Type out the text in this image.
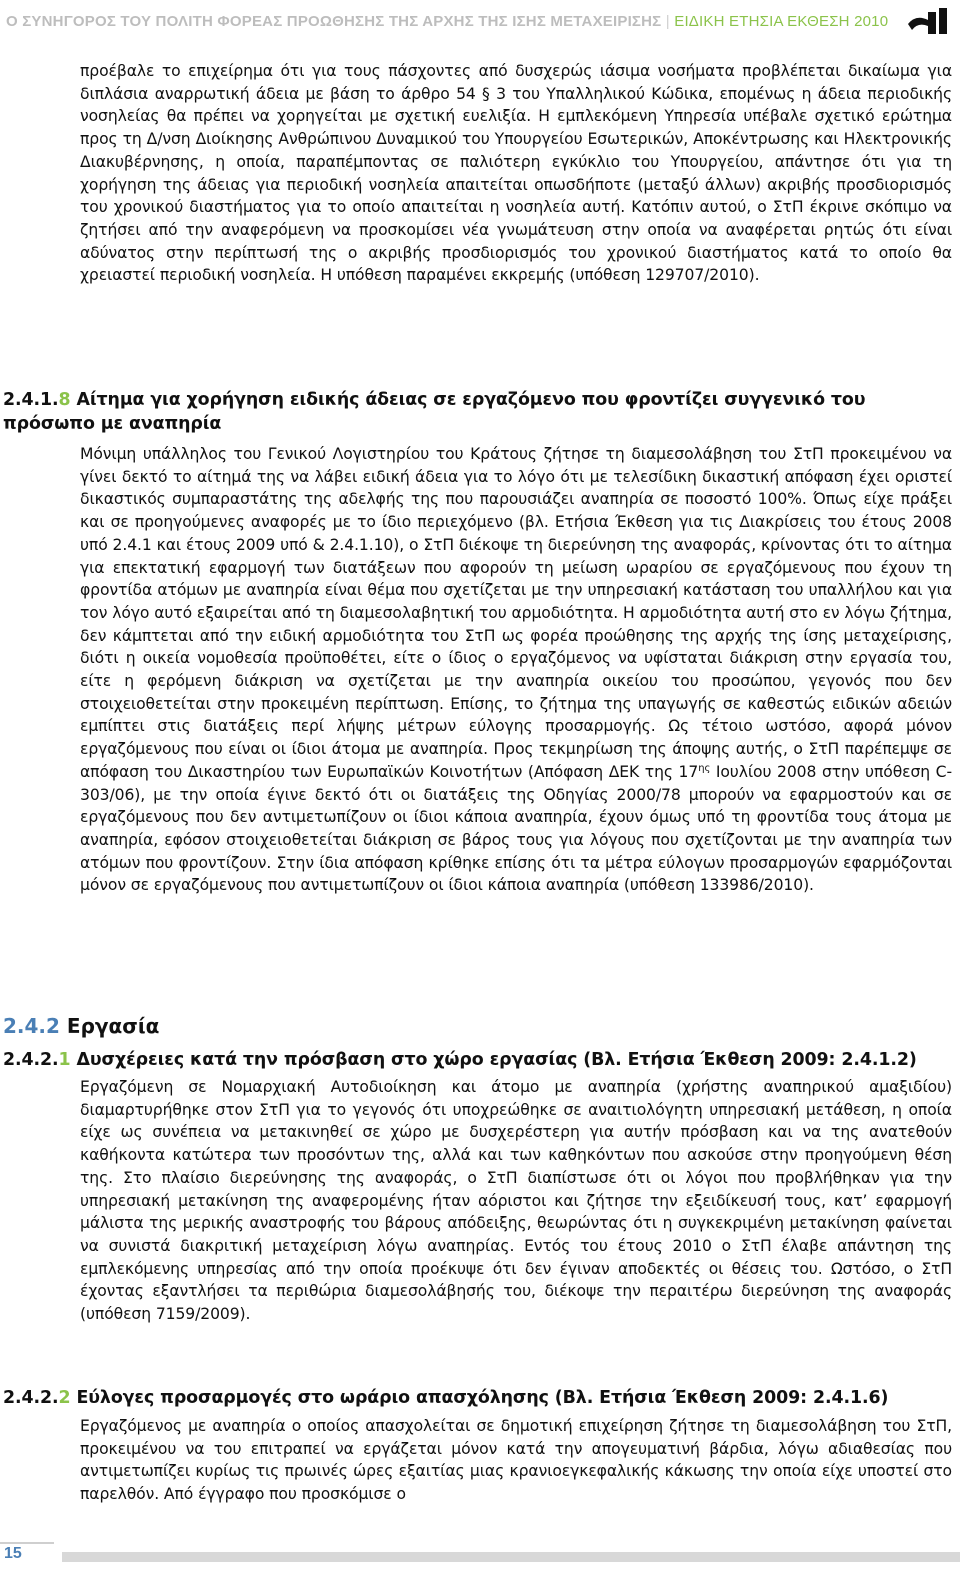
Ο ΣΥΝΗΓΟΡΟΣ ΤΟΥ ΠΟΛΙΤΗ ΦΟΡΕΑΣ ΠΡΟΩΘΗΣΗΣ ΤΗΣ ΑΡΧΗΣ ΤΗΣ ΙΣΗΣ ΜΕΤΑΧΕΙΡΙΣΗΣ | ΕΙΔΙΚΗ ΕΤΗΣΙΑ ΕΚΘΕΣΗ 2010

προέβαλε το επιχείρημα ότι για τους πάσχοντες από δυσχερώς ιάσιμα νοσήματα προβλέπεται δικαίωμα για διπλάσια αναρρωτική άδεια με βάση το άρθρο 54 § 3 του Υπαλληλικού Κώδικα, επομένως η άδεια περιοδικής νοσηλείας θα πρέπει να χορηγείται με σχετική ευελιξία. Η εμπλεκόμενη Υπηρεσία υπέβαλε σχετικό ερώτημα προς τη Δ/νση Διοίκησης Ανθρώπινου Δυναμικού του Υπουργείου Εσωτερικών, Αποκέντρωσης και Ηλεκτρονικής Διακυβέρνησης, η οποία, παραπέμποντας σε παλιότερη εγκύκλιο του Υπουργείου, απάντησε ότι για τη χορήγηση της άδειας για περιοδική νοσηλεία απαιτείται οπωσδήποτε (μεταξύ άλλων) ακριβής προσδιορισμός του χρονικού διαστήματος για το οποίο απαιτείται η νοσηλεία αυτή. Κατόπιν αυτού, ο ΣτΠ έκρινε σκόπιμο να ζητήσει από την αναφερόμενη να προσκομίσει νέα γνωμάτευση στην οποία να αναφέρεται ρητώς ότι είναι αδύνατος στην περίπτωσή της ο ακριβής προσδιορισμός του χρονικού διαστήματος κατά το οποίο θα χρειαστεί περιοδική νοσηλεία. Η υπόθεση παραμένει εκκρεμής (υπόθεση 129707/2010).

2.4.1.8 Αίτημα για χορήγηση ειδικής άδειας σε εργαζόμενο που φροντίζει συγγενικό του

πρόσωπο με αναπηρία

Μόνιμη υπάλληλος του Γενικού Λογιστηρίου του Κράτους ζήτησε τη διαμεσολάβηση του ΣτΠ προκειμένου να γίνει δεκτό το αίτημά της να λάβει ειδική άδεια για το λόγο ότι με τελεσίδικη δικαστική απόφαση έχει οριστεί δικαστικός συμπαραστάτης της αδελφής της που παρουσιάζει αναπηρία σε ποσοστό 100%. Όπως είχε πράξει και σε προηγούμενες αναφορές με το ίδιο περιεχόμενο (βλ. Ετήσια Έκθεση για τις Διακρίσεις του έτους 2008 υπό 2.4.1 και έτους 2009 υπό & 2.4.1.10), ο ΣτΠ διέκοψε τη διερεύνηση της αναφοράς, κρίνοντας ότι το αίτημα για επεκτατική εφαρμογή των διατάξεων που αφορούν τη μείωση ωραρίου σε εργαζόμενους που έχουν τη φροντίδα ατόμων με αναπηρία είναι θέμα που σχετίζεται με την υπηρεσιακή κατάσταση του υπαλλήλου και για τον λόγο αυτό εξαιρείται από τη διαμεσολαβητική του αρμοδιότητα. Η αρμοδιότητα αυτή στο εν λόγω ζήτημα, δεν κάμπτεται από την ειδική αρμοδιότητα του ΣτΠ ως φορέα προώθησης της αρχής της ίσης μεταχείρισης, διότι η οικεία νομοθεσία προϋποθέτει, είτε ο ίδιος ο εργαζόμενος να υφίσταται διάκριση στην εργασία του, είτε η φερόμενη διάκριση να σχετίζεται με την αναπηρία οικείου του προσώπου, γεγονός που δεν στοιχειοθετείται στην προκειμένη περίπτωση. Επίσης, το ζήτημα της υπαγωγής σε καθεστώς ειδικών αδειών εμπίπτει στις διατάξεις περί λήψης μέτρων εύλογης προσαρμογής. Ως τέτοιο ωστόσο, αφορά μόνον εργαζόμενους που είναι οι ίδιοι άτομα με αναπηρία. Προς τεκμηρίωση της άποψης αυτής, ο ΣτΠ παρέπεμψε σε απόφαση του Δικαστηρίου των Ευρωπαϊκών Κοινοτήτων (Απόφαση ΔΕΚ της $17^{\eta\varsigma}$ Ιουλίου 2008 στην υπόθεση C-303/06), με την οποία έγινε δεκτό ότι οι διατάξεις της Οδηγίας 2000/78 μπορούν να εφαρμοστούν και σε εργαζόμενους που δεν αντιμετωπίζουν οι ίδιοι κάποια αναπηρία, έχουν όμως υπό τη φροντίδα τους άτομα με αναπηρία, εφόσον στοιχειοθετείται διάκριση σε βάρος τους για λόγους που σχετίζονται με την αναπηρία των ατόμων που φροντίζουν. Στην ίδια απόφαση κρίθηκε επίσης ότι τα μέτρα εύλογων προσαρμογών εφαρμόζονται μόνον σε εργαζόμενους που αντιμετωπίζουν οι ίδιοι κάποια αναπηρία (υπόθεση 133986/2010).

2.4.2 Εργασία

2.4.2.1 Δυσχέρειες κατά την πρόσβαση στο χώρο εργασίας (Βλ. Ετήσια Έκθεση 2009: 2.4.1.2)

Εργαζόμενη σε Νομαρχιακή Αυτοδιοίκηση και άτομο με αναπηρία (χρήστης αναπηρικού αμαξιδίου) διαμαρτυρήθηκε στον ΣτΠ για το γεγονός ότι υποχρεώθηκε σε αναιτιολόγητη υπηρεσιακή μετάθεση, η οποία είχε ως συνέπεια να μετακινηθεί σε χώρο με δυσχερέστερη για αυτήν πρόσβαση και να της ανατεθούν καθήκοντα κατώτερα των προσόντων της, αλλά και των καθηκόντων που ασκούσε στην προηγούμενη θέση της. Στο πλαίσιο διερεύνησης της αναφοράς, ο ΣτΠ διαπίστωσε ότι οι λόγοι που προβλήθηκαν για την υπηρεσιακή μετακίνηση της αναφερομένης ήταν αόριστοι και ζήτησε την εξειδίκευσή τους, κατ’ εφαρμογή μάλιστα της μερικής αναστροφής του βάρους απόδειξης, θεωρώντας ότι η συγκεκριμένη μετακίνηση φαίνεται να συνιστά διακριτική μεταχείριση λόγω αναπηρίας. Εντός του έτους 2010 ο ΣτΠ έλαβε απάντηση της εμπλεκόμενης υπηρεσίας από την οποία προέκυψε ότι δεν έγιναν αποδεκτές οι θέσεις του. Ωστόσο, ο ΣτΠ έχοντας εξαντλήσει τα περιθώρια διαμεσολάβησής του, διέκοψε την περαιτέρω διερεύνηση της αναφοράς (υπόθεση 7159/2009).

2.4.2.2 Εύλογες προσαρμογές στο ωράριο απασχόλησης (Βλ. Ετήσια Έκθεση 2009: 2.4.1.6)

Εργαζόμενος με αναπηρία ο οποίος απασχολείται σε δημοτική επιχείρηση ζήτησε τη διαμεσολάβηση του ΣτΠ, προκειμένου να του επιτραπεί να εργάζεται μόνον κατά την απογευματινή βάρδια, λόγω αδιαθεσίας που αντιμετωπίζει κυρίως τις πρωινές ώρες εξαιτίας μιας κρανιοεγκεφαλικής κάκωσης την οποία είχε υποστεί στο παρελθόν. Από έγγραφο που προσκόμισε ο

15
